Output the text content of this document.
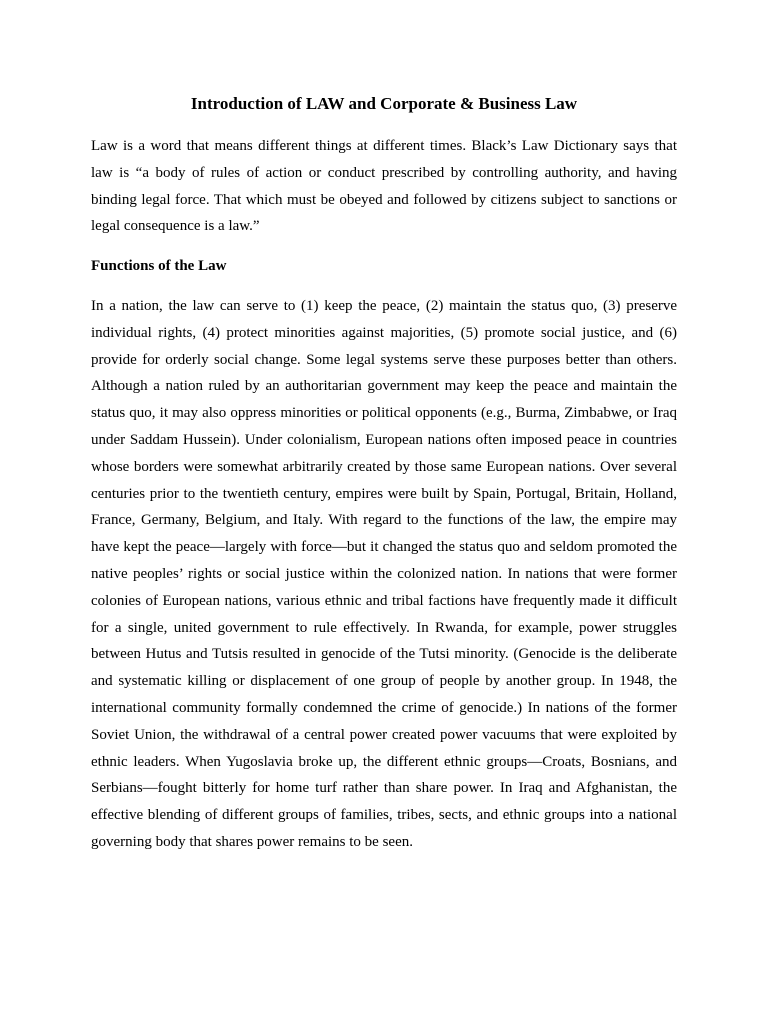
Introduction of LAW and Corporate & Business Law

Law is a word that means different things at different times. Black’s Law Dictionary says that law is “a body of rules of action or conduct prescribed by controlling authority, and having binding legal force. That which must be obeyed and followed by citizens subject to sanctions or legal consequence is a law.”

Functions of the Law

In a nation, the law can serve to (1) keep the peace, (2) maintain the status quo, (3) preserve individual rights, (4) protect minorities against majorities, (5) promote social justice, and (6) provide for orderly social change. Some legal systems serve these purposes better than others. Although a nation ruled by an authoritarian government may keep the peace and maintain the status quo, it may also oppress minorities or political opponents (e.g., Burma, Zimbabwe, or Iraq under Saddam Hussein). Under colonialism, European nations often imposed peace in countries whose borders were somewhat arbitrarily created by those same European nations. Over several centuries prior to the twentieth century, empires were built by Spain, Portugal, Britain, Holland, France, Germany, Belgium, and Italy. With regard to the functions of the law, the empire may have kept the peace—largely with force—but it changed the status quo and seldom promoted the native peoples’ rights or social justice within the colonized nation. In nations that were former colonies of European nations, various ethnic and tribal factions have frequently made it difficult for a single, united government to rule effectively. In Rwanda, for example, power struggles between Hutus and Tutsis resulted in genocide of the Tutsi minority. (Genocide is the deliberate and systematic killing or displacement of one group of people by another group. In 1948, the international community formally condemned the crime of genocide.) In nations of the former Soviet Union, the withdrawal of a central power created power vacuums that were exploited by ethnic leaders. When Yugoslavia broke up, the different ethnic groups—Croats, Bosnians, and Serbians—fought bitterly for home turf rather than share power. In Iraq and Afghanistan, the effective blending of different groups of families, tribes, sects, and ethnic groups into a national governing body that shares power remains to be seen.
